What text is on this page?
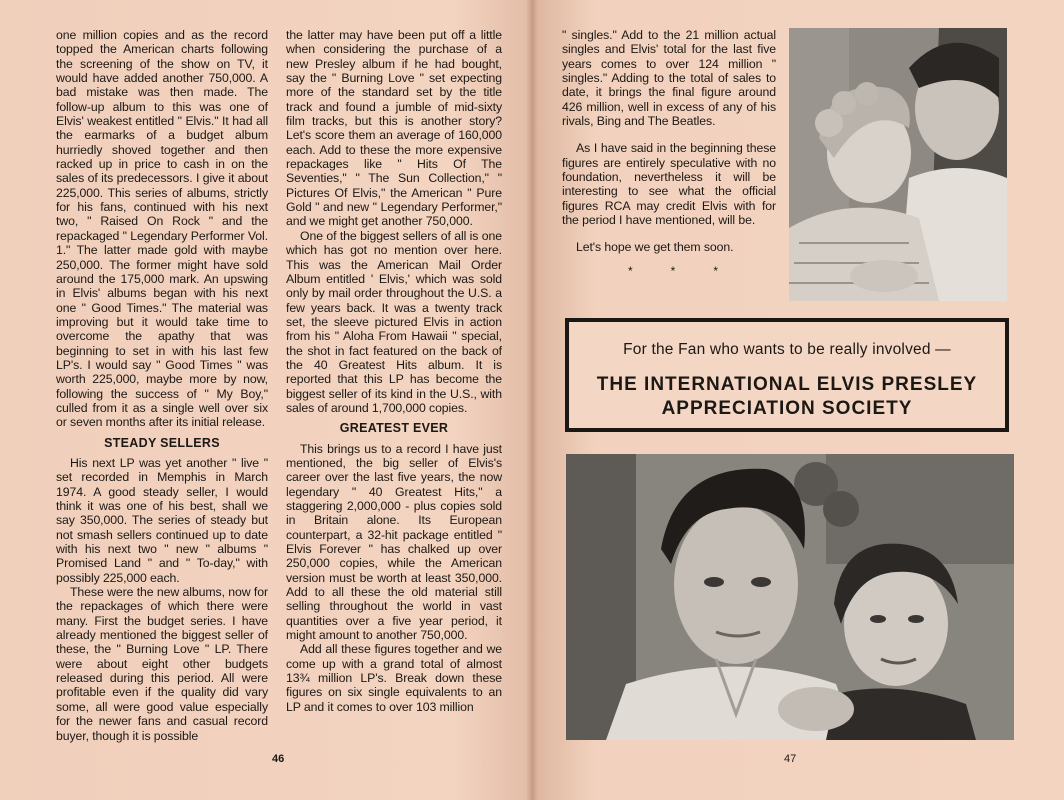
one million copies and as the record topped the American charts following the screening of the show on TV, it would have added another 750,000. A bad mistake was then made. The follow-up album to this was one of Elvis' weakest entitled " Elvis." It had all the earmarks of a budget album hurriedly shoved together and then racked up in price to cash in on the sales of its predecessors. I give it about 225,000. This series of albums, strictly for his fans, continued with his next two, " Raised On Rock " and the repackaged " Legendary Performer Vol. 1." The latter made gold with maybe 250,000. The former might have sold around the 175,000 mark. An upswing in Elvis' albums began with his next one " Good Times." The material was improving but it would take time to overcome the apathy that was beginning to set in with his last few LP's. I would say " Good Times " was worth 225,000, maybe more by now, following the success of " My Boy," culled from it as a single well over six or seven months after its initial release.

STEADY SELLERS

His next LP was yet another " live " set recorded in Memphis in March 1974. A good steady seller, I would think it was one of his best, shall we say 350,000. The series of steady but not smash sellers continued up to date with his next two " new " albums " Promised Land " and " To-day," with possibly 225,000 each.

These were the new albums, now for the repackages of which there were many. First the budget series. I have already mentioned the biggest seller of these, the " Burning Love " LP. There were about eight other budgets released during this period. All were profitable even if the quality did vary some, all were good value especially for the newer fans and casual record buyer, though it is possible

the latter may have been put off a little when considering the purchase of a new Presley album if he had bought, say the " Burning Love " set expecting more of the standard set by the title track and found a jumble of mid-sixty film tracks, but this is another story? Let's score them an average of 160,000 each. Add to these the more expensive repackages like " Hits Of The Seventies," " The Sun Collection," " Pictures Of Elvis," the American " Pure Gold " and new " Legendary Performer," and we might get another 750,000.

One of the biggest sellers of all is one which has got no mention over here. This was the American Mail Order Album entitled ' Elvis,' which was sold only by mail order throughout the U.S. a few years back. It was a twenty track set, the sleeve pictured Elvis in action from his " Aloha From Hawaii " special, the shot in fact featured on the back of the 40 Greatest Hits album. It is reported that this LP has become the biggest seller of its kind in the U.S., with sales of around 1,700,000 copies.

GREATEST EVER

This brings us to a record I have just mentioned, the big seller of Elvis's career over the last five years, the now legendary " 40 Greatest Hits," a staggering 2,000,000 - plus copies sold in Britain alone. Its European counterpart, a 32-hit package entitled " Elvis Forever " has chalked up over 250,000 copies, while the American version must be worth at least 350,000. Add to all these the old material still selling throughout the world in vast quantities over a five year period, it might amount to another 750,000.

Add all these figures together and we come up with a grand total of almost 13¾ million LP's. Break down these figures on six single equivalents to an LP and it comes to over 103 million

46

" singles." Add to the 21 million actual singles and Elvis' total for the last five years comes to over 124 million " singles." Adding to the total of sales to date, it brings the final figure around 426 million, well in excess of any of his rivals, Bing and The Beatles.

As I have said in the beginning these figures are entirely speculative with no foundation, nevertheless it will be interesting to see what the official figures RCA may credit Elvis with for the period I have mentioned, will be.

Let's hope we get them soon.

*	*	*
For the Fan who wants to be really involved —
THE INTERNATIONAL ELVIS PRESLEY
APPRECIATION SOCIETY
47
